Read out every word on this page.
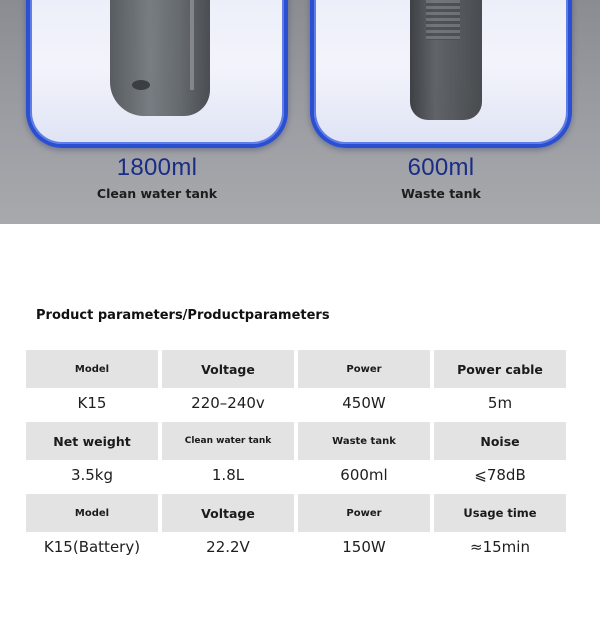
1800ml
Clean water tank
600ml
Waste tank
Product parameters/Productparameters
Model	Voltage	Power	Power cable
K15	220–240v	450W	5m
Net weight	Clean water tank	Waste tank	Noise
3.5kg	1.8L	600ml	⩽78dB
Model	Voltage	Power	Usage time
K15(Battery)	22.2V	150W	≈15min
